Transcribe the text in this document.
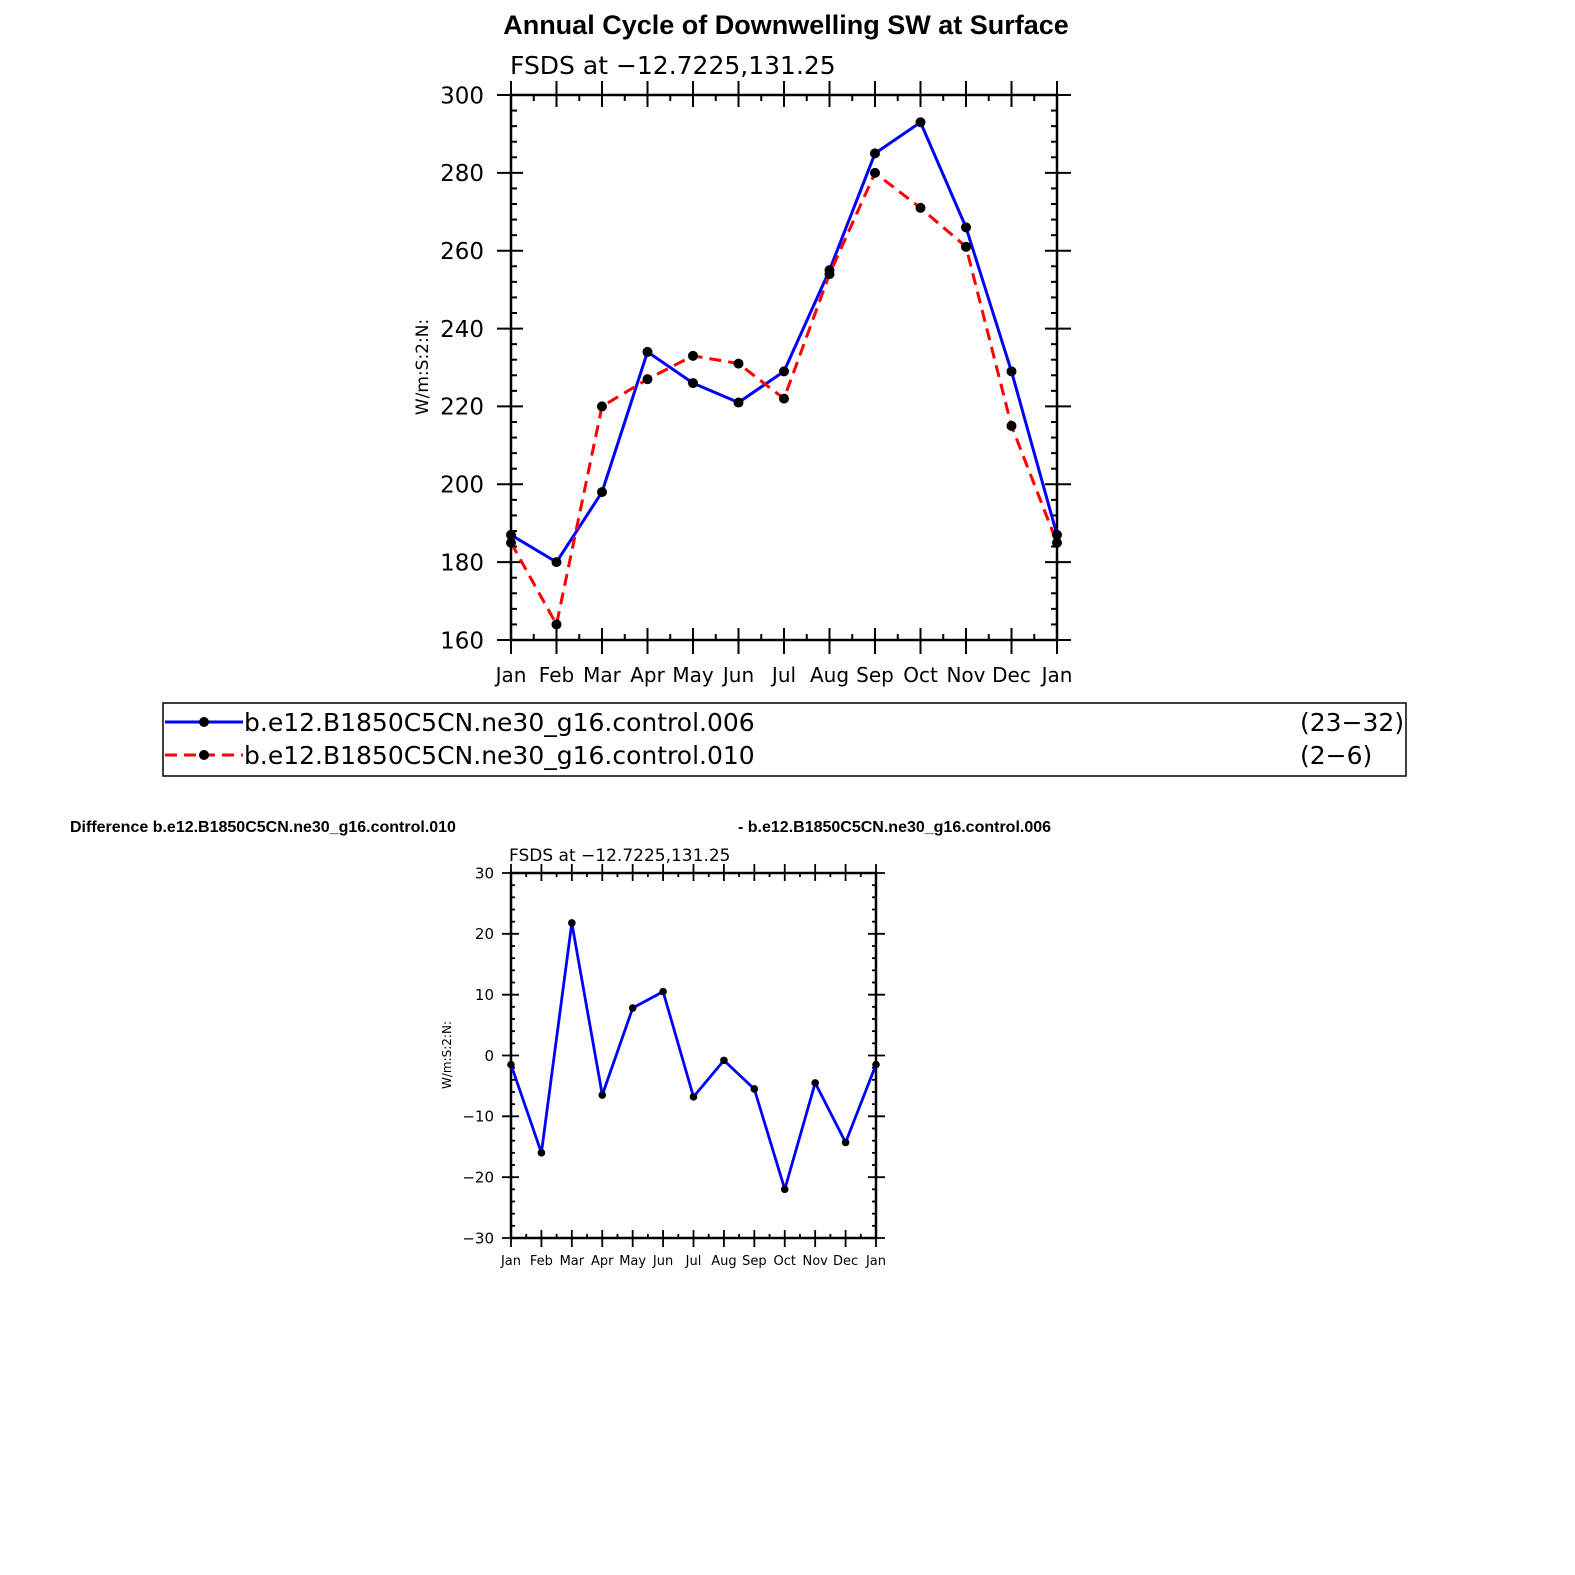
Annual Cycle of Downwelling SW at Surface
FSDS at −12.7225,131.25
W/m:S:2:N:
Jan Feb Mar Apr May Jun Jul Aug Sep Oct Nov Dec Jan
160
180
200
220
240
260
280
300
b.e12.B1850C5CN.ne30_g16.control.006	(23−32)
b.e12.B1850C5CN.ne30_g16.control.010	(2−6)
Difference b.e12.B1850C5CN.ne30_g16.control.010	- b.e12.B1850C5CN.ne30_g16.control.006
FSDS at −12.7225,131.25
W/m:S:2:N:
Jan Feb Mar Apr May Jun Jul Aug Sep Oct Nov Dec Jan
−30
−20
−10
0
10
20
30
